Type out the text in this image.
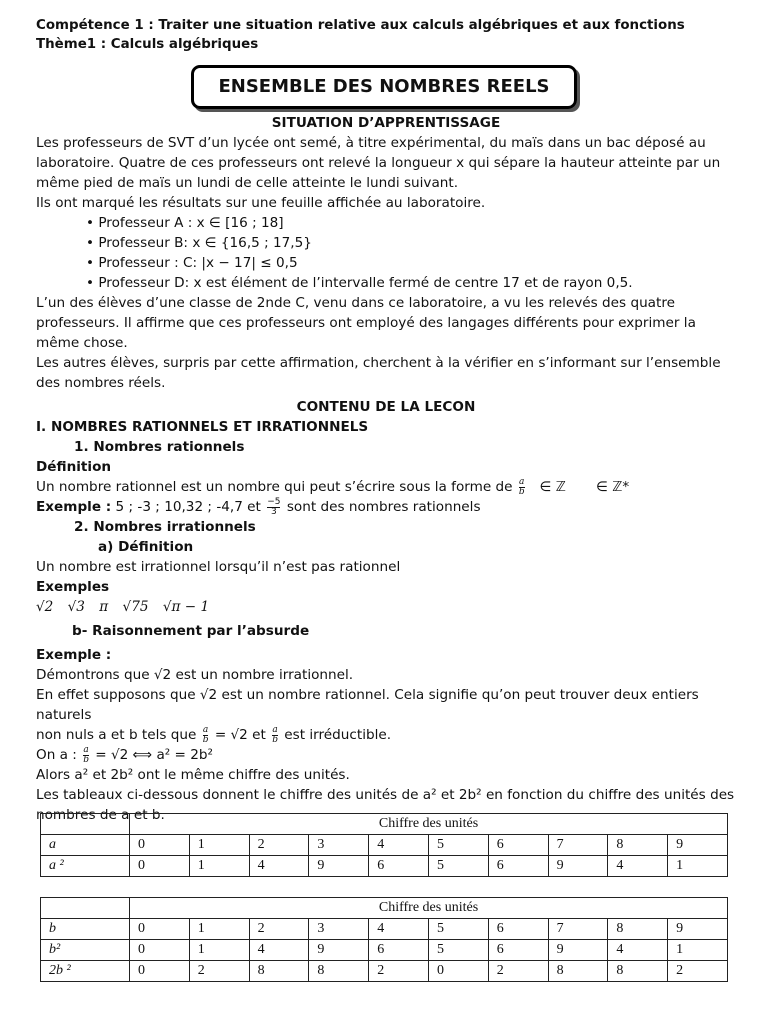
Compétence 1 : Traiter une situation relative aux calculs algébriques et aux fonctions
Thème1 : Calculs algébriques
ENSEMBLE DES NOMBRES REELS
SITUATION D’APPRENTISSAGE

Les professeurs de SVT d’un lycée ont semé, à titre expérimental, du maïs dans un bac déposé au laboratoire. Quatre de ces professeurs ont relevé la longueur x qui sépare la hauteur atteinte par un même pied de maïs un lundi de celle atteinte le lundi suivant.

Ils ont marqué les résultats sur une feuille affichée au laboratoire.

• Professeur A : x ∈ [16 ; 18]
• Professeur B: x ∈ {16,5 ; 17,5}
• Professeur : C: |x − 17| ≤ 0,5
• Professeur D: x est élément de l’intervalle fermé de centre 17 et de rayon 0,5.

L’un des élèves d’une classe de 2nde C, venu dans ce laboratoire, a vu les relevés des quatre professeurs. Il affirme que ces professeurs ont employé des langages différents pour exprimer la même chose.

Les autres élèves, surpris par cette affirmation, cherchent à la vérifier en s’informant sur l’ensemble des nombres réels.

CONTENU DE LA LECON
I. NOMBRES RATIONNELS ET IRRATIONNELS
1. Nombres rationnels
Définition
Un nombre rationnel est un nombre qui peut s’écrire sous la forme de $\frac{a}{b}$ ∈ ℤ ∈ ℤ*
Exemple : 5 ; -3 ; 10,32 ; -4,7 et $\frac{-5}{3}$ sont des nombres rationnels
2. Nombres irrationnels
a) Définition
Un nombre est irrationnel lorsqu’il n’est pas rationnel
Exemples
√2 √3 π √75 √π − 1
b- Raisonnement par l’absurde
Exemple :
Démontrons que √2 est un nombre irrationnel.
En effet supposons que √2 est un nombre rationnel. Cela signifie qu’on peut trouver deux entiers naturels
non nuls a et b tels que $\frac{a}{b} = √2$ et $\frac{a}{b}$ est irréductible.
On a : $\frac{a}{b} = √2$ ⟺ a² = 2b²
Alors a² et 2b² ont le même chiffre des unités.
Les tableaux ci-dessous donnent le chiffre des unités de a² et 2b² en fonction du chiffre des unités des nombres de a et b.
	Chiffre des unités									
a	0	1	2	3	4	5	6	7	8	9
a ²	0	1	4	9	6	5	6	9	4	1
	Chiffre des unités									
b	0	1	2	3	4	5	6	7	8	9
b²	0	1	4	9	6	5	6	9	4	1
2b ²	0	2	8	8	2	0	2	8	8	2
